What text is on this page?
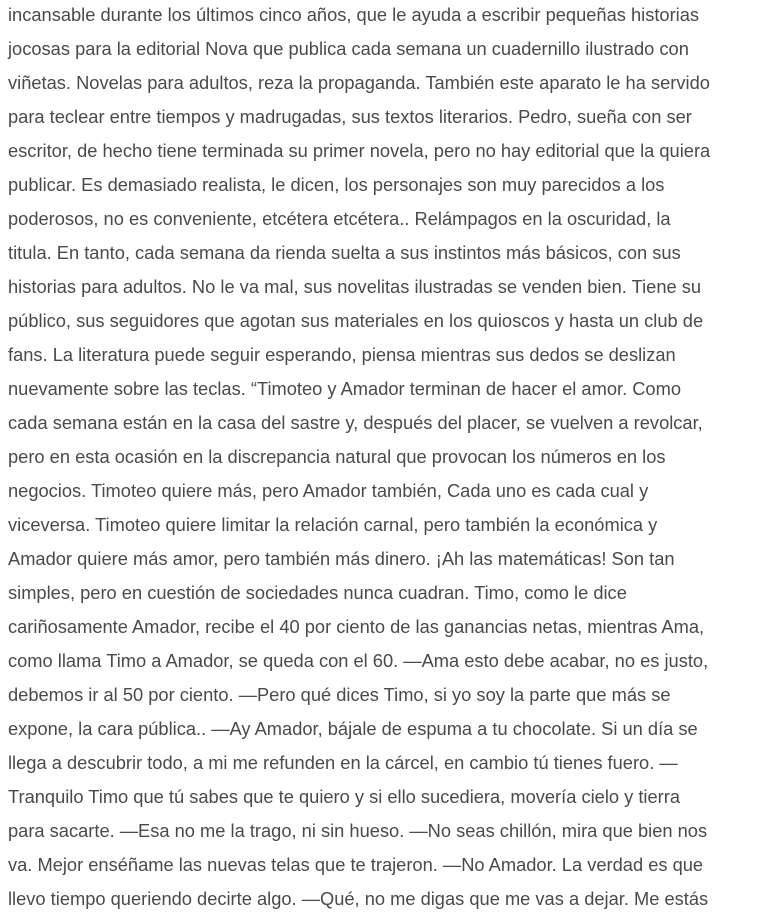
incansable durante los últimos cinco años, que le ayuda a escribir pequeñas historias
jocosas para la editorial Nova que publica cada semana un cuadernillo ilustrado con
viñetas. Novelas para adultos, reza la propaganda. También este aparato le ha servido
para teclear entre tiempos y madrugadas, sus textos literarios. Pedro, sueña con ser
escritor, de hecho tiene terminada su primer novela, pero no hay editorial que la quiera
publicar. Es demasiado realista, le dicen, los personajes son muy parecidos a los
poderosos, no es conveniente, etcétera etcétera.. Relámpagos en la oscuridad, la
titula. En tanto, cada semana da rienda suelta a sus instintos más básicos, con sus
historias para adultos. No le va mal, sus novelitas ilustradas se venden bien. Tiene su
público, sus seguidores que agotan sus materiales en los quioscos y hasta un club de
fans. La literatura puede seguir esperando, piensa mientras sus dedos se deslizan
nuevamente sobre las teclas. “Timoteo y Amador terminan de hacer el amor. Como
cada semana están en la casa del sastre y, después del placer, se vuelven a revolcar,
pero en esta ocasión en la discrepancia natural que provocan los números en los
negocios. Timoteo quiere más, pero Amador también, Cada uno es cada cual y
viceversa. Timoteo quiere limitar la relación carnal, pero también la económica y
Amador quiere más amor, pero también más dinero. ¡Ah las matemáticas! Son tan
simples, pero en cuestión de sociedades nunca cuadran. Timo, como le dice
cariñosamente Amador, recibe el 40 por ciento de las ganancias netas, mientras Ama,
como llama Timo a Amador, se queda con el 60. —Ama esto debe acabar, no es justo,
debemos ir al 50 por ciento. —Pero qué dices Timo, si yo soy la parte que más se
expone, la cara pública.. —Ay Amador, bájale de espuma a tu chocolate. Si un día se
llega a descubrir todo, a mi me refunden en la cárcel, en cambio tú tienes fuero. —
Tranquilo Timo que tú sabes que te quiero y si ello sucediera, movería cielo y tierra
para sacarte. —Esa no me la trago, ni sin hueso. —No seas chillón, mira que bien nos
va. Mejor enséñame las nuevas telas que te trajeron. —No Amador. La verdad es que
llevo tiempo queriendo decirte algo. —Qué, no me digas que me vas a dejar. Me estás
